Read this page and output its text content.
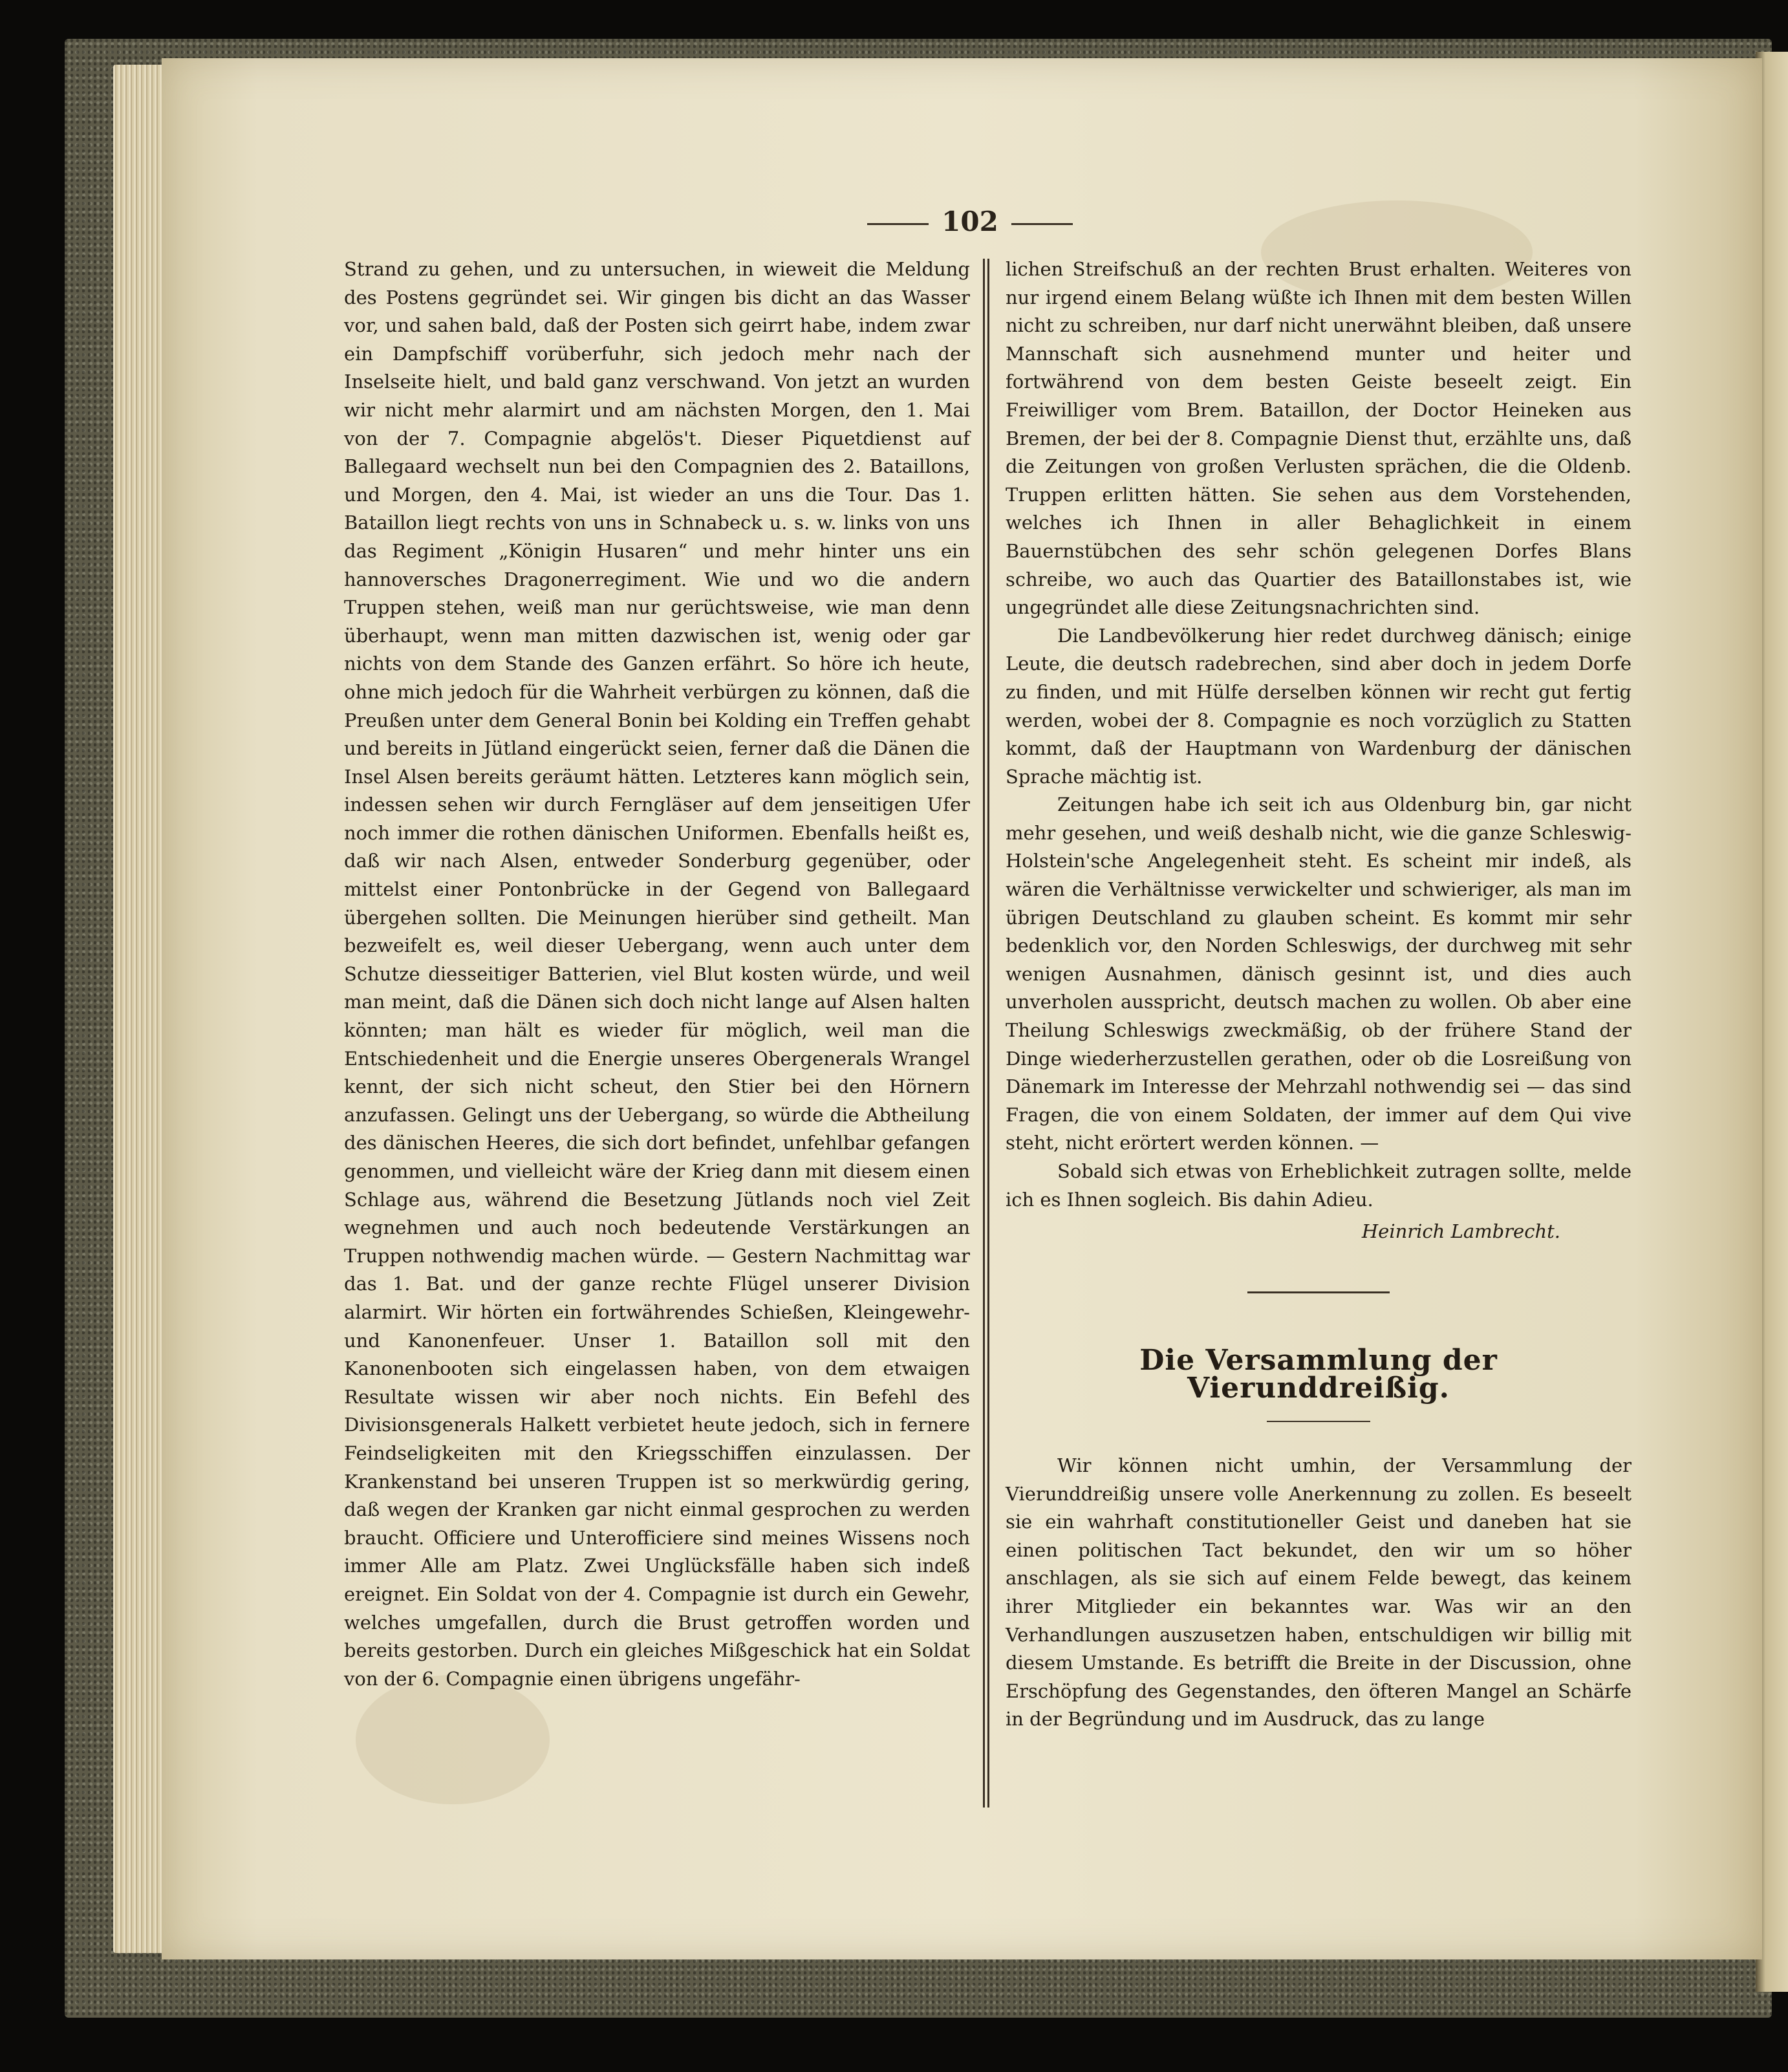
102

Strand zu gehen, und zu untersuchen, in wieweit die Meldung des Postens gegründet sei. Wir gingen bis dicht an das Wasser vor, und sahen bald, daß der Posten sich geirrt habe, indem zwar ein Dampfschiff vorüberfuhr, sich jedoch mehr nach der Inselseite hielt, und bald ganz verschwand. Von jetzt an wurden wir nicht mehr alarmirt und am nächsten Morgen, den 1. Mai von der 7. Compagnie abgelös't. Dieser Piquetdienst auf Ballegaard wechselt nun bei den Compagnien des 2. Bataillons, und Morgen, den 4. Mai, ist wieder an uns die Tour. Das 1. Bataillon liegt rechts von uns in Schnabeck u. s. w. links von uns das Regiment „Königin Husaren“ und mehr hinter uns ein hannoversches Dragonerregiment. Wie und wo die andern Truppen stehen, weiß man nur gerüchtsweise, wie man denn überhaupt, wenn man mitten dazwischen ist, wenig oder gar nichts von dem Stande des Ganzen erfährt. So höre ich heute, ohne mich jedoch für die Wahrheit verbürgen zu können, daß die Preußen unter dem General Bonin bei Kolding ein Treffen gehabt und bereits in Jütland eingerückt seien, ferner daß die Dänen die Insel Alsen bereits geräumt hätten. Letzteres kann möglich sein, indessen sehen wir durch Ferngläser auf dem jenseitigen Ufer noch immer die rothen dänischen Uniformen. Ebenfalls heißt es, daß wir nach Alsen, entweder Sonderburg gegenüber, oder mittelst einer Pontonbrücke in der Gegend von Ballegaard übergehen sollten. Die Meinungen hierüber sind getheilt. Man bezweifelt es, weil dieser Uebergang, wenn auch unter dem Schutze diesseitiger Batterien, viel Blut kosten würde, und weil man meint, daß die Dänen sich doch nicht lange auf Alsen halten könnten; man hält es wieder für möglich, weil man die Entschiedenheit und die Energie unseres Obergenerals Wrangel kennt, der sich nicht scheut, den Stier bei den Hörnern anzufassen. Gelingt uns der Uebergang, so würde die Abtheilung des dänischen Heeres, die sich dort befindet, unfehlbar gefangen genommen, und vielleicht wäre der Krieg dann mit diesem einen Schlage aus, während die Besetzung Jütlands noch viel Zeit wegnehmen und auch noch bedeutende Verstärkungen an Truppen nothwendig machen würde. — Gestern Nachmittag war das 1. Bat. und der ganze rechte Flügel unserer Division alarmirt. Wir hörten ein fortwährendes Schießen, Kleingewehr- und Kanonenfeuer. Unser 1. Bataillon soll mit den Kanonenbooten sich eingelassen haben, von dem etwaigen Resultate wissen wir aber noch nichts. Ein Befehl des Divisionsgenerals Halkett verbietet heute jedoch, sich in fernere Feindseligkeiten mit den Kriegsschiffen einzulassen. Der Krankenstand bei unseren Truppen ist so merkwürdig gering, daß wegen der Kranken gar nicht einmal gesprochen zu werden braucht. Officiere und Unterofficiere sind meines Wissens noch immer Alle am Platz. Zwei Unglücksfälle haben sich indeß ereignet. Ein Soldat von der 4. Compagnie ist durch ein Gewehr, welches umgefallen, durch die Brust getroffen worden und bereits gestorben. Durch ein gleiches Mißgeschick hat ein Soldat von der 6. Compagnie einen übrigens ungefähr-

lichen Streifschuß an der rechten Brust erhalten. Weiteres von nur irgend einem Belang wüßte ich Ihnen mit dem besten Willen nicht zu schreiben, nur darf nicht unerwähnt bleiben, daß unsere Mannschaft sich ausnehmend munter und heiter und fortwährend von dem besten Geiste beseelt zeigt. Ein Freiwilliger vom Brem. Bataillon, der Doctor Heineken aus Bremen, der bei der 8. Compagnie Dienst thut, erzählte uns, daß die Zeitungen von großen Verlusten sprächen, die die Oldenb. Truppen erlitten hätten. Sie sehen aus dem Vorstehenden, welches ich Ihnen in aller Behaglichkeit in einem Bauernstübchen des sehr schön gelegenen Dorfes Blans schreibe, wo auch das Quartier des Bataillonstabes ist, wie ungegründet alle diese Zeitungsnachrichten sind.

Die Landbevölkerung hier redet durchweg dänisch; einige Leute, die deutsch radebrechen, sind aber doch in jedem Dorfe zu finden, und mit Hülfe derselben können wir recht gut fertig werden, wobei der 8. Compagnie es noch vorzüglich zu Statten kommt, daß der Hauptmann von Wardenburg der dänischen Sprache mächtig ist.

Zeitungen habe ich seit ich aus Oldenburg bin, gar nicht mehr gesehen, und weiß deshalb nicht, wie die ganze Schleswig-Holstein'sche Angelegenheit steht. Es scheint mir indeß, als wären die Verhältnisse verwickelter und schwieriger, als man im übrigen Deutschland zu glauben scheint. Es kommt mir sehr bedenklich vor, den Norden Schleswigs, der durchweg mit sehr wenigen Ausnahmen, dänisch gesinnt ist, und dies auch unverholen ausspricht, deutsch machen zu wollen. Ob aber eine Theilung Schleswigs zweckmäßig, ob der frühere Stand der Dinge wiederherzustellen gerathen, oder ob die Losreißung von Dänemark im Interesse der Mehrzahl nothwendig sei — das sind Fragen, die von einem Soldaten, der immer auf dem Qui vive steht, nicht erörtert werden können. —

Sobald sich etwas von Erheblichkeit zutragen sollte, melde ich es Ihnen sogleich. Bis dahin Adieu.

Heinrich Lambrecht.

Die Versammlung der Vierunddreißig.

Wir können nicht umhin, der Versammlung der Vierunddreißig unsere volle Anerkennung zu zollen. Es beseelt sie ein wahrhaft constitutioneller Geist und daneben hat sie einen politischen Tact bekundet, den wir um so höher anschlagen, als sie sich auf einem Felde bewegt, das keinem ihrer Mitglieder ein bekanntes war. Was wir an den Verhandlungen auszusetzen haben, entschuldigen wir billig mit diesem Umstande. Es betrifft die Breite in der Discussion, ohne Erschöpfung des Gegenstandes, den öfteren Mangel an Schärfe in der Begründung und im Ausdruck, das zu lange
